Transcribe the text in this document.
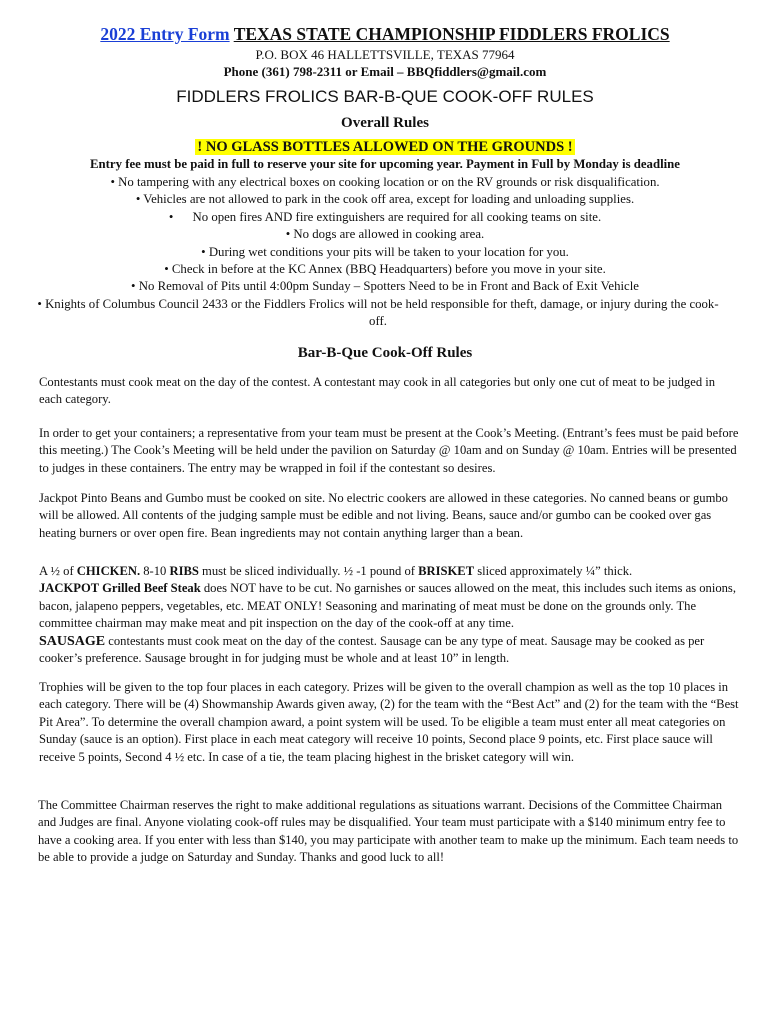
2022 Entry Form TEXAS STATE CHAMPIONSHIP FIDDLERS FROLICS
P.O. BOX 46 HALLETTSVILLE, TEXAS 77964
Phone (361) 798-2311 or Email – BBQfiddlers@gmail.com
FIDDLERS FROLICS BAR-B-QUE COOK-OFF RULES
Overall Rules
! NO GLASS BOTTLES ALLOWED ON THE GROUNDS !
Entry fee must be paid in full to reserve your site for upcoming year. Payment in Full by Monday is deadline
• No tampering with any electrical boxes on cooking location or on the RV grounds or risk disqualification.
• Vehicles are not allowed to park in the cook off area, except for loading and unloading supplies.
•      No open fires AND fire extinguishers are required for all cooking teams on site.
• No dogs are allowed in cooking area.
• During wet conditions your pits will be taken to your location for you.
• Check in before at the KC Annex (BBQ Headquarters) before you move in your site.
• No Removal of Pits until 4:00pm Sunday – Spotters Need to be in Front and Back of Exit Vehicle
• Knights of Columbus Council 2433 or the Fiddlers Frolics will not be held responsible for theft, damage, or injury during the cook-off.
Bar-B-Que Cook-Off Rules
Contestants must cook meat on the day of the contest. A contestant may cook in all categories but only one cut of meat to be judged in each category.
In order to get your containers; a representative from your team must be present at the Cook’s Meeting. (Entrant’s fees must be paid before this meeting.) The Cook’s Meeting will be held under the pavilion on Saturday @ 10am and on Sunday @ 10am. Entries will be presented to judges in these containers. The entry may be wrapped in foil if the contestant so desires.
Jackpot Pinto Beans and Gumbo must be cooked on site. No electric cookers are allowed in these categories. No canned beans or gumbo will be allowed. All contents of the judging sample must be edible and not living. Beans, sauce and/or gumbo can be cooked over gas heating burners or over open fire. Bean ingredients may not contain anything larger than a bean.
A ½ of CHICKEN. 8-10 RIBS must be sliced individually. ½ -1 pound of BRISKET sliced approximately ¼” thick.
JACKPOT Grilled Beef Steak does NOT have to be cut. No garnishes or sauces allowed on the meat, this includes such items as onions, bacon, jalapeno peppers, vegetables, etc. MEAT ONLY! Seasoning and marinating of meat must be done on the grounds only. The committee chairman may make meat and pit inspection on the day of the cook-off at any time.
SAUSAGE contestants must cook meat on the day of the contest. Sausage can be any type of meat. Sausage may be cooked as per cooker’s preference. Sausage brought in for judging must be whole and at least 10” in length.
Trophies will be given to the top four places in each category. Prizes will be given to the overall champion as well as the top 10 places in each category. There will be (4) Showmanship Awards given away, (2) for the team with the “Best Act” and (2) for the team with the “Best Pit Area”. To determine the overall champion award, a point system will be used. To be eligible a team must enter all meat categories on Sunday (sauce is an option). First place in each meat category will receive 10 points, Second place 9 points, etc. First place sauce will receive 5 points, Second 4 ½ etc. In case of a tie, the team placing highest in the brisket category will win.
The Committee Chairman reserves the right to make additional regulations as situations warrant. Decisions of the Committee Chairman and Judges are final. Anyone violating cook-off rules may be disqualified. Your team must participate with a $140 minimum entry fee to have a cooking area. If you enter with less than $140, you may participate with another team to make up the minimum. Each team needs to be able to provide a judge on Saturday and Sunday. Thanks and good luck to all!
